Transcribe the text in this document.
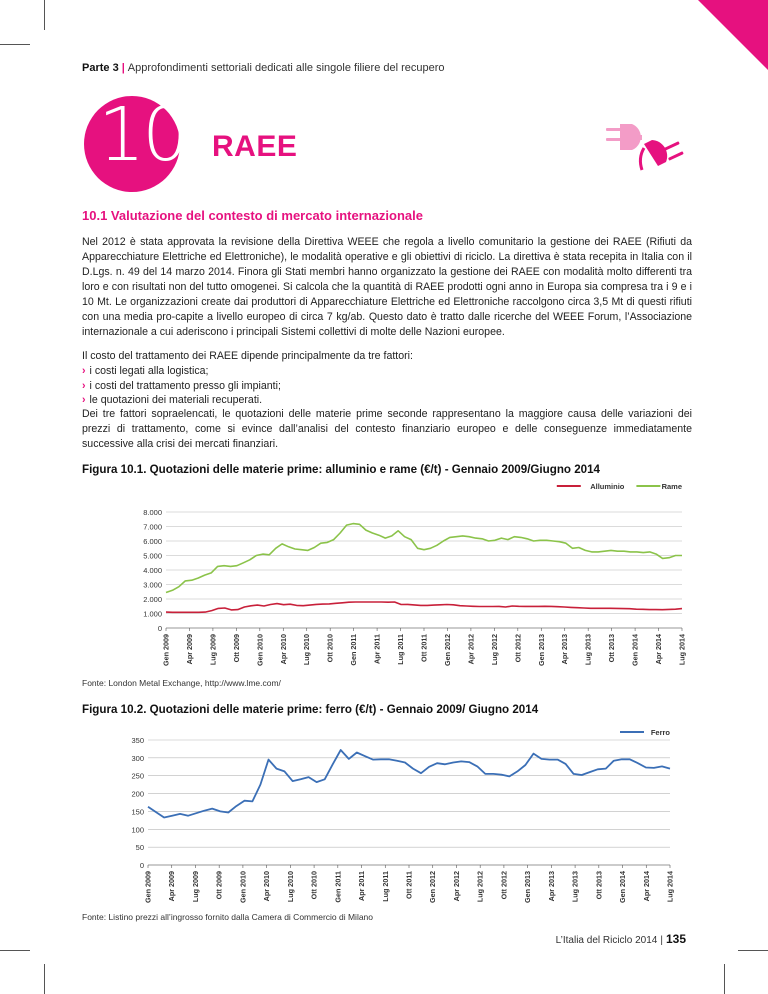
Parte 3 | Approfondimenti settoriali dedicati alle singole filiere del recupero
10 RAEE
10.1 Valutazione del contesto di mercato internazionale
Nel 2012 è stata approvata la revisione della Direttiva WEEE che regola a livello comunitario la gestione dei RAEE (Rifiuti da Apparecchiature Elettriche ed Elettroniche), le modalità operative e gli obiettivi di riciclo. La direttiva è stata recepita in Italia con il D.Lgs. n. 49 del 14 marzo 2014. Finora gli Stati membri hanno organizzato la gestione dei RAEE con modalità molto differenti tra loro e con risultati non del tutto omogenei. Si calcola che la quantità di RAEE prodotti ogni anno in Europa sia compresa tra i 9 e i 10 Mt. Le organizzazioni create dai produttori di Apparecchiature Elettriche ed Elettroniche raccolgono circa 3,5 Mt di questi rifiuti con una media pro-capite a livello europeo di circa 7 kg/ab. Questo dato è tratto dalle ricerche del WEEE Forum, l’Associazione internazionale a cui aderiscono i principali Sistemi collettivi di molte delle Nazioni europee.
Il costo del trattamento dei RAEE dipende principalmente da tre fattori:
› i costi legati alla logistica;
› i costi del trattamento presso gli impianti;
› le quotazioni dei materiali recuperati.
Dei tre fattori sopraelencati, le quotazioni delle materie prime seconde rappresentano la maggiore causa delle variazioni dei prezzi di trattamento, come si evince dall’analisi del contesto finanziario europeo e delle conseguenze immediatamente successive alla crisi dei mercati finanziari.
Figura 10.1. Quotazioni delle materie prime: alluminio e rame (€/t) - Gennaio 2009/Giugno 2014
0
1.000
2.000
3.000
4.000
5.000
6.000
7.000
8.000
Gen 2009 Apr 2009 Lug 2009 Ott 2009 Gen 2010 Apr 2010 Lug 2010 Ott 2010 Gen 2011 Apr 2011 Lug 2011 Ott 2011 Gen 2012 Apr 2012 Lug 2012 Ott 2012 Gen 2013 Apr 2013 Lug 2013 Ott 2013 Gen 2014 Apr 2014 Lug 2014
Rame
Alluminio
Fonte: London Metal Exchange, http://www.lme.com/
Figura 10.2. Quotazioni delle materie prime: ferro (€/t) - Gennaio 2009/ Giugno 2014
0
50
100
150
200
250
300
350
Gen 2009 Apr 2009 Lug 2009 Ott 2009 Gen 2010 Apr 2010 Lug 2010 Ott 2010 Gen 2011 Apr 2011 Lug 2011 Ott 2011 Gen 2012 Apr 2012 Lug 2012 Ott 2012 Gen 2013 Apr 2013 Lug 2013 Ott 2013 Gen 2014 Apr 2014 Lug 2014
Ferro
Fonte: Listino prezzi all’ingrosso fornito dalla Camera di Commercio di Milano
L’Italia del Riciclo 2014 | 135
